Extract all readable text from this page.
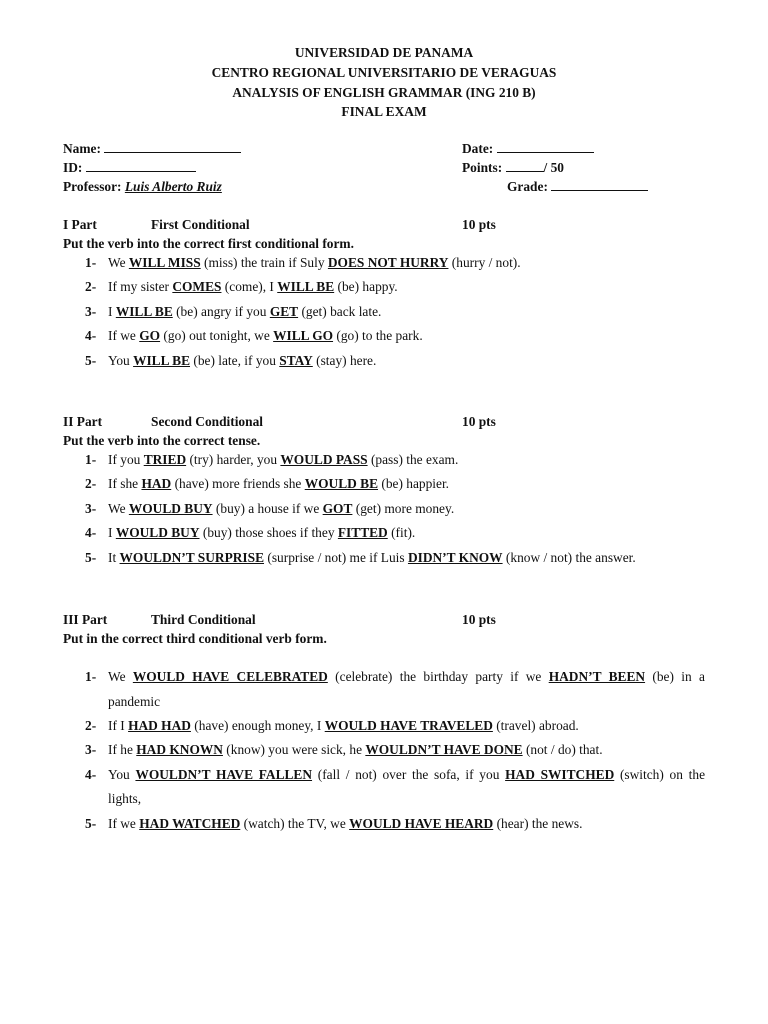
UNIVERSIDAD DE PANAMA
CENTRO REGIONAL UNIVERSITARIO DE VERAGUAS
ANALYSIS OF ENGLISH GRAMMAR (ING 210 B)
FINAL EXAM
Name:	Date:
ID:	Points:	/ 50
Professor: Luis Alberto Ruiz	Grade:
I Part	First Conditional	10 pts
Put the verb into the correct first conditional form.
1- We WILL MISS (miss) the train if Suly DOES NOT HURRY (hurry / not).
2- If my sister COMES (come), I WILL BE (be) happy.
3- I WILL BE (be) angry if you GET (get) back late.
4- If we GO (go) out tonight, we WILL GO (go) to the park.
5- You WILL BE (be) late, if you STAY (stay) here.
II Part	Second Conditional	10 pts
Put the verb into the correct tense.
1- If you TRIED (try) harder, you WOULD PASS (pass) the exam.
2- If she HAD (have) more friends she WOULD BE (be) happier.
3- We WOULD BUY (buy) a house if we GOT (get) more money.
4- I WOULD BUY (buy) those shoes if they FITTED (fit).
5- It WOULDN’T SURPRISE (surprise / not) me if Luis DIDN’T KNOW (know / not) the answer.
III Part	Third Conditional	10 pts
Put in the correct third conditional verb form.
1- We WOULD HAVE CELEBRATED (celebrate) the birthday party if we HADN’T BEEN (be) in a
pandemic
2- If I HAD HAD (have) enough money, I WOULD HAVE TRAVELED (travel) abroad.
3- If he HAD KNOWN (know) you were sick, he WOULDN’T HAVE DONE (not / do) that.
4- You WOULDN’T HAVE FALLEN (fall / not) over the sofa, if you HAD SWITCHED (switch) on the
lights,
5- If we HAD WATCHED (watch) the TV, we WOULD HAVE HEARD (hear) the news.
